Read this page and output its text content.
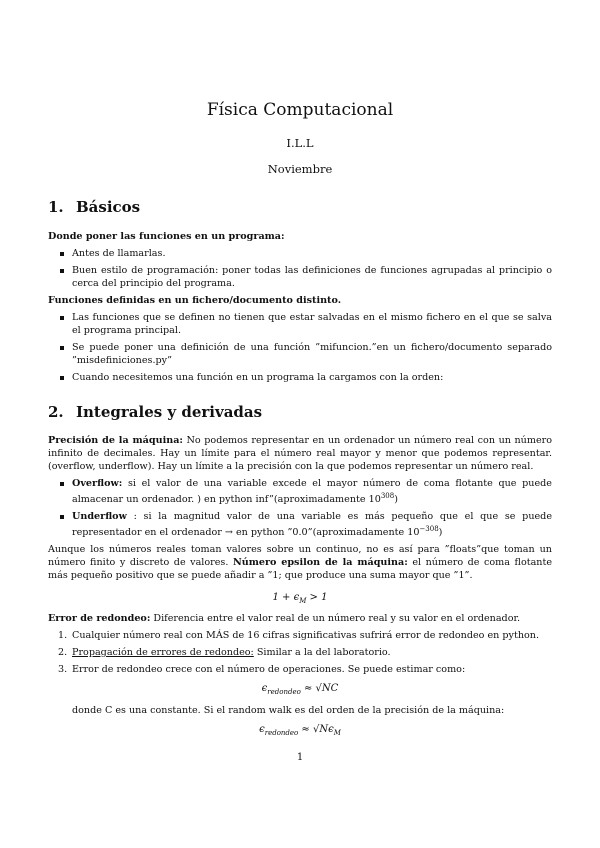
Física Computacional
I.L.L
Noviembre
1. Básicos
Donde poner las funciones en un programa:
Antes de llamarlas.
Buen estilo de programación: poner todas las definiciones de funciones agrupadas al principio o cerca del principio del programa.
Funciones definidas en un fichero/documento distinto.
Las funciones que se definen no tienen que estar salvadas en el mismo fichero en el que se salva el programa principal.
Se puede poner una definición de una función ”mifuncion.”en un fichero/documento separado ”misdefiniciones.py”
Cuando necesitemos una función en un programa la cargamos con la orden:
2. Integrales y derivadas
Precisión de la máquina: No podemos representar en un ordenador un número real con un número infinito de decimales. Hay un límite para el número real mayor y menor que podemos representar. (overflow, underflow). Hay un límite a la precisión con la que podemos representar un número real.
Overflow: si el valor de una variable excede el mayor número de coma flotante que puede almacenar un ordenador. ) en python inf”(aproximadamente $10^{308}$)
Underflow : si la magnitud valor de una variable es más pequeño que el que se puede representador en el ordenador → en python ”0.0”(aproximadamente $10^{-308}$)
Aunque los números reales toman valores sobre un continuo, no es así para ”floats”que toman un número finito y discreto de valores. Número epsilon de la máquina: el número de coma flotante más pequeño positivo que se puede añadir a ”1; que produce una suma mayor que ”1”.
$1 + \epsilon_M > 1$
Error de redondeo: Diferencia entre el valor real de un número real y su valor en el ordenador.
1. Cualquier número real con MÁS de 16 cifras significativas sufrirá error de redondeo en python.
2. Propagación de errores de redondeo: Similar a la del laboratorio.
3. Error de redondeo crece con el número de operaciones. Se puede estimar como:
$\epsilon_{redondeo} \approx √NC$
donde C es una constante. Si el random walk es del orden de la precisión de la máquina:
$\epsilon_{redondeo} \approx √N\epsilon_M$
1
